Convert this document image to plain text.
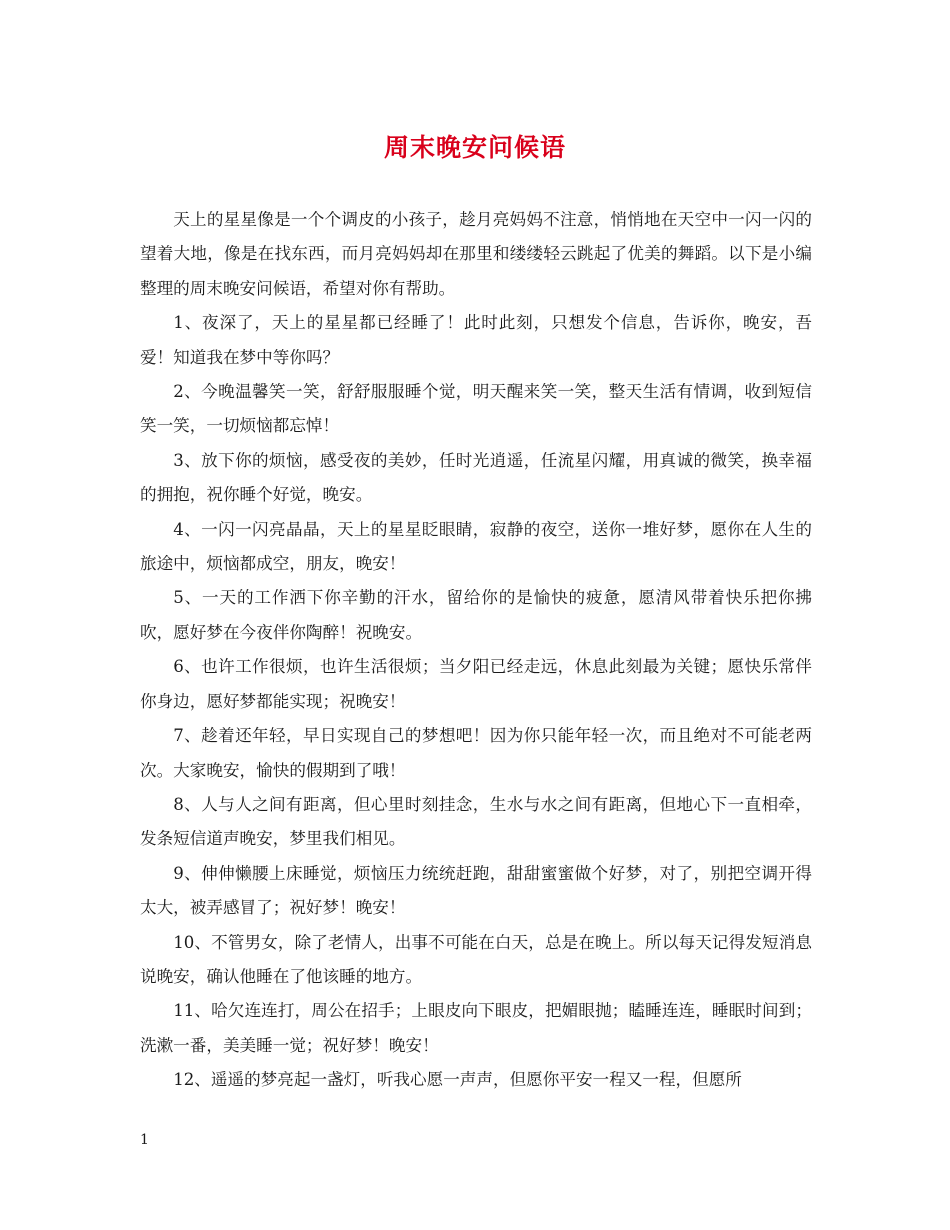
周末晚安问候语

天上的星星像是一个个调皮的小孩子，趁月亮妈妈不注意，悄悄地在天空中一闪一闪的望着大地，像是在找东西，而月亮妈妈却在那里和缕缕轻云跳起了优美的舞蹈。以下是小编整理的周末晚安问候语，希望对你有帮助。

1、夜深了，天上的星星都已经睡了！此时此刻，只想发个信息，告诉你，晚安，吾爱！知道我在梦中等你吗？

2、今晚温馨笑一笑，舒舒服服睡个觉，明天醒来笑一笑，整天生活有情调，收到短信笑一笑，一切烦恼都忘悼！

3、放下你的烦恼，感受夜的美妙，任时光逍遥，任流星闪耀，用真诚的微笑，换幸福的拥抱，祝你睡个好觉，晚安。

4、一闪一闪亮晶晶，天上的星星眨眼睛，寂静的夜空，送你一堆好梦，愿你在人生的旅途中，烦恼都成空，朋友，晚安！

5、一天的工作洒下你辛勤的汗水，留给你的是愉快的疲惫，愿清风带着快乐把你拂吹，愿好梦在今夜伴你陶醉！祝晚安。

6、也许工作很烦，也许生活很烦；当夕阳已经走远，休息此刻最为关键；愿快乐常伴你身边，愿好梦都能实现；祝晚安！

7、趁着还年轻，早日实现自己的梦想吧！因为你只能年轻一次，而且绝对不可能老两次。大家晚安，愉快的假期到了哦！

8、人与人之间有距离，但心里时刻挂念，生水与水之间有距离，但地心下一直相牵，发条短信道声晚安，梦里我们相见。

9、伸伸懒腰上床睡觉，烦恼压力统统赶跑，甜甜蜜蜜做个好梦，对了，别把空调开得太大，被弄感冒了；祝好梦！晚安！

10、不管男女，除了老情人，出事不可能在白天，总是在晚上。所以每天记得发短消息说晚安，确认他睡在了他该睡的地方。

11、哈欠连连打，周公在招手；上眼皮向下眼皮，把媚眼抛；瞌睡连连，睡眠时间到；洗漱一番，美美睡一觉；祝好梦！晚安！

12、遥遥的梦亮起一盏灯，听我心愿一声声，但愿你平安一程又一程，但愿所

1
